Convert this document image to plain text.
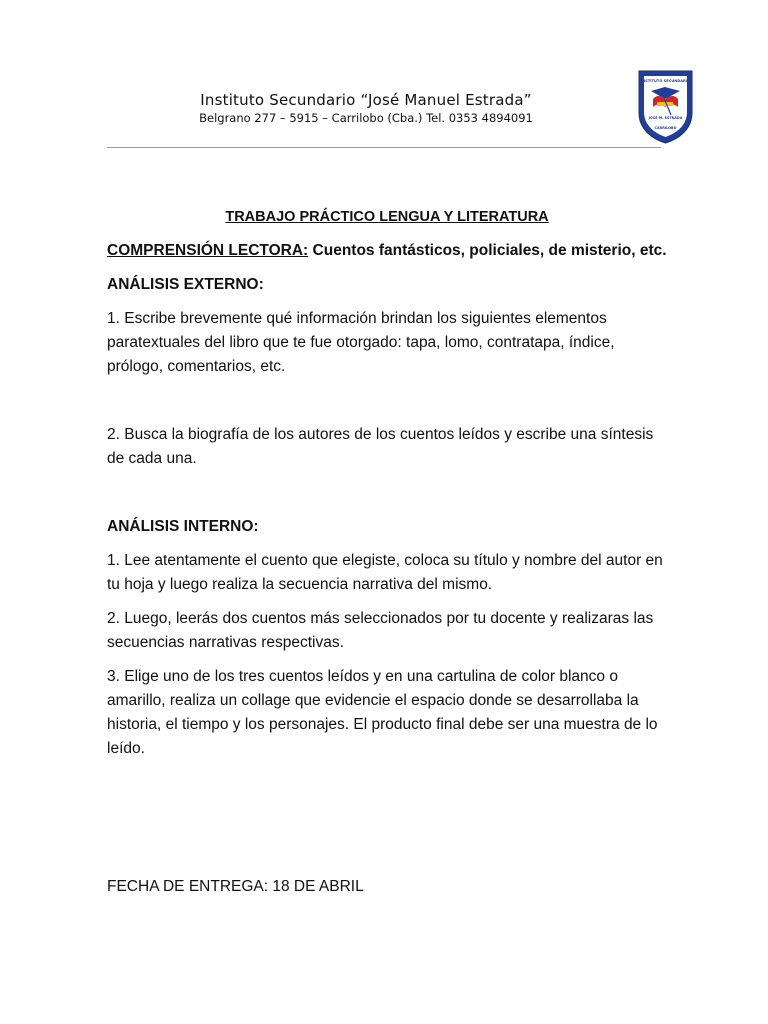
Instituto Secundario “José Manuel Estrada”
Belgrano 277 – 5915 – Carrilobo (Cba.) Tel. 0353 4894091
INSTITUTO SECUNDARIO
JOSÉ M. ESTRADA
CARRILOBO
TRABAJO PRÁCTICO LENGUA Y LITERATURA
COMPRENSIÓN LECTORA: Cuentos fantásticos, policiales, de misterio, etc.
ANÁLISIS EXTERNO:
1. Escribe brevemente qué información brindan los siguientes elementos paratextuales del libro que te fue otorgado: tapa, lomo, contratapa, índice, prólogo, comentarios, etc.
2. Busca la biografía de los autores de los cuentos leídos y escribe una síntesis de cada una.
ANÁLISIS INTERNO:
1. Lee atentamente el cuento que elegiste, coloca su título y nombre del autor en tu hoja y luego realiza la secuencia narrativa del mismo.
2. Luego, leerás dos cuentos más seleccionados por tu docente y realizaras las secuencias narrativas respectivas.
3. Elige uno de los tres cuentos leídos y en una cartulina de color blanco o amarillo, realiza un collage que evidencie el espacio donde se desarrollaba la historia, el tiempo y los personajes. El producto final debe ser una muestra de lo leído.
FECHA DE ENTREGA: 18 DE ABRIL
